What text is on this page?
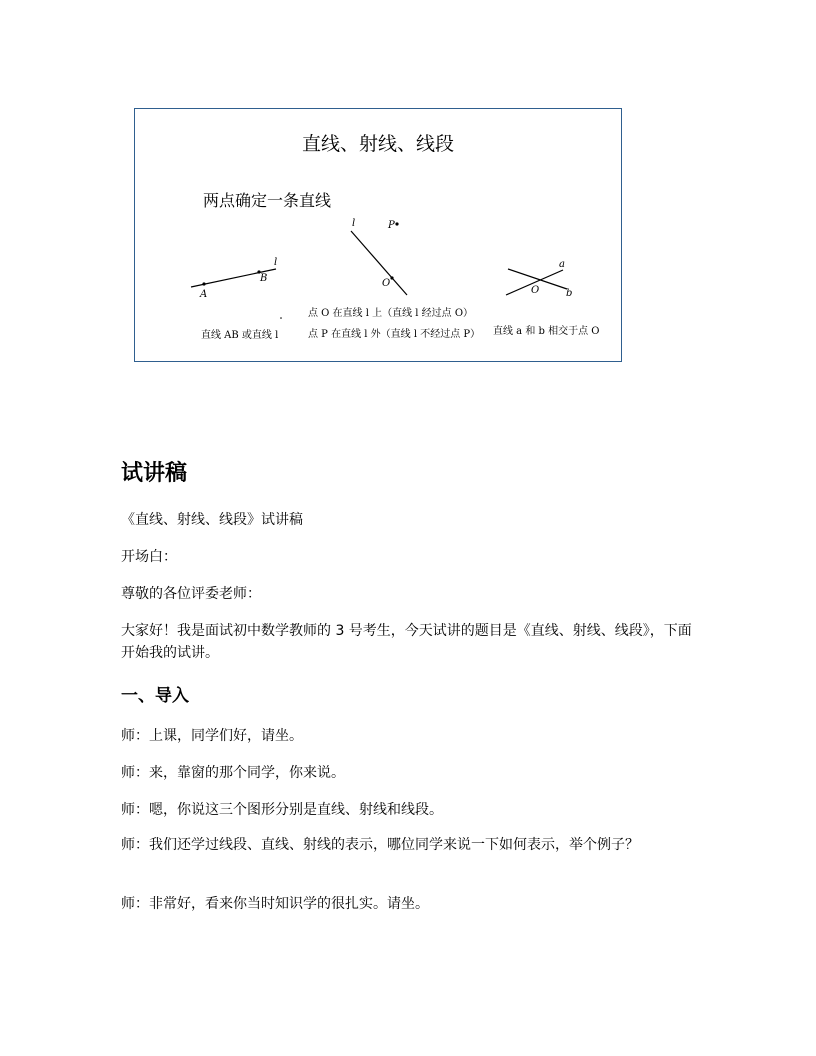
直线、射线、线段
两点确定一条直线
l
A
B
直线 AB 或直线 l
l	P
O
点 O 在直线 l 上（直线 l 经过点 O）
点 P 在直线 l 外（直线 l 不经过点 P）
a
O	b
直线 a 和 b 相交于点 O
试讲稿

《直线、射线、线段》试讲稿

开场白：

尊敬的各位评委老师：

大家好！我是面试初中数学教师的 3 号考生，今天试讲的题目是《直线、射线、线段》，下面开始我的试讲。

一、导入

师：上课，同学们好，请坐。

师：来，靠窗的那个同学，你来说。

师：嗯，你说这三个图形分别是直线、射线和线段。

师：我们还学过线段、直线、射线的表示，哪位同学来说一下如何表示，举个例子？

师：非常好，看来你当时知识学的很扎实。请坐。
